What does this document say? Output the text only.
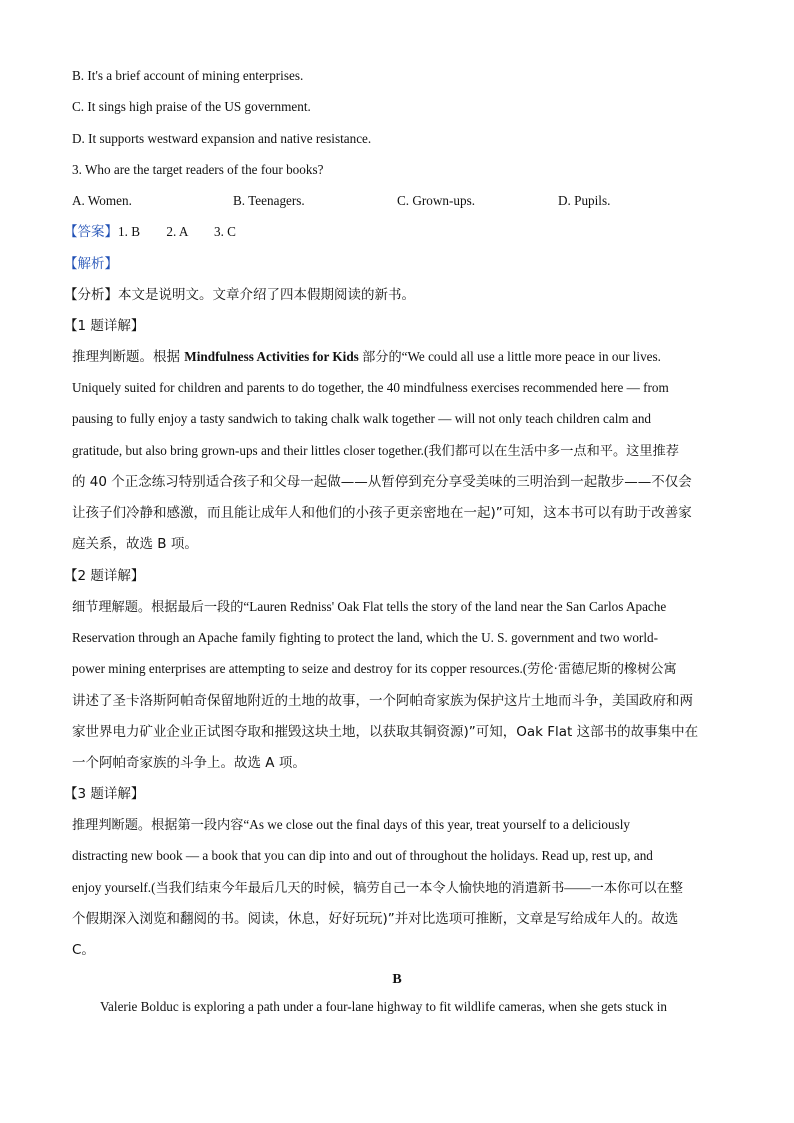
B. It's a brief account of mining enterprises.
C. It sings high praise of the US government.
D. It supports westward expansion and native resistance.
3. Who are the target readers of the four books?
A. Women.	B. Teenagers.	C. Grown-ups.	D. Pupils.
【答案】1. B        2. A        3. C
【解析】
【分析】本文是说明文。文章介绍了四本假期阅读的新书。
【1 题详解】
推理判断题。根据 Mindfulness Activities for Kids 部分的“We could all use a little more peace in our lives.
Uniquely suited for children and parents to do together, the 40 mindfulness exercises recommended here — from
pausing to fully enjoy a tasty sandwich to taking chalk walk together — will not only teach children calm and
gratitude, but also bring grown-ups and their littles closer together.(我们都可以在生活中多一点和平。这里推荐
的 40 个正念练习特别适合孩子和父母一起做——从暂停到充分享受美味的三明治到一起散步——不仅会
让孩子们冷静和感激，而且能让成年人和他们的小孩子更亲密地在一起)”可知，这本书可以有助于改善家
庭关系，故选 B 项。
【2 题详解】
细节理解题。根据最后一段的“Lauren Redniss' Oak Flat tells the story of the land near the San Carlos Apache
Reservation through an Apache family fighting to protect the land, which the U. S. government and two world-
power mining enterprises are attempting to seize and destroy for its copper resources.(劳伦·雷德尼斯的橡树公寓
讲述了圣卡洛斯阿帕奇保留地附近的土地的故事，一个阿帕奇家族为保护这片土地而斗争，美国政府和两
家世界电力矿业企业正试图夺取和摧毁这块土地，以获取其铜资源)”可知，Oak Flat 这部书的故事集中在
一个阿帕奇家族的斗争上。故选 A 项。
【3 题详解】
推理判断题。根据第一段内容“As we close out the final days of this year, treat yourself to a deliciously
distracting new book — a book that you can dip into and out of throughout the holidays. Read up, rest up, and
enjoy yourself.(当我们结束今年最后几天的时候，犒劳自己一本令人愉快地的消遣新书——一本你可以在整
个假期深入浏览和翻阅的书。阅读，休息，好好玩玩)”并对比选项可推断，文章是写给成年人的。故选
C。
B
Valerie Bolduc is exploring a path under a four-lane highway to fit wildlife cameras, when she gets stuck in
